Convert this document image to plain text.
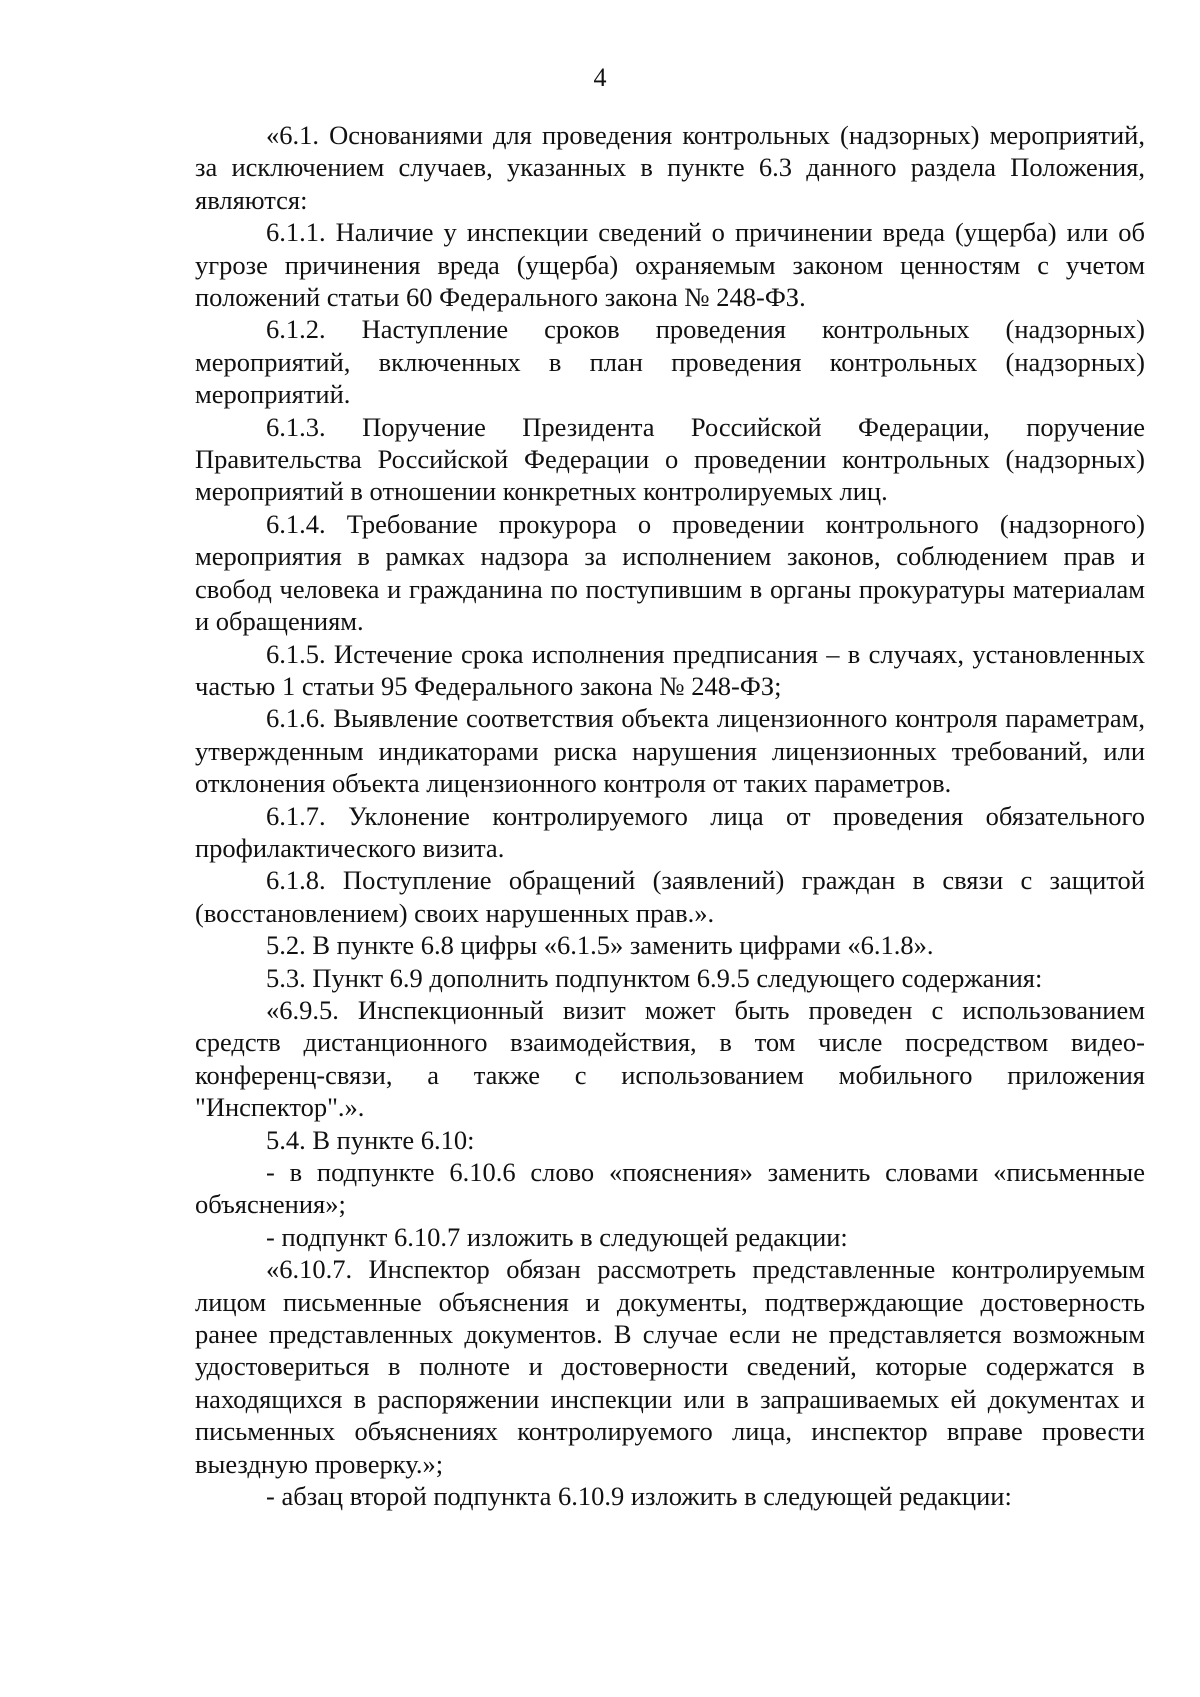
4

«6.1. Основаниями для проведения контрольных (надзорных) мероприятий, за исключением случаев, указанных в пункте 6.3 данного раздела Положения, являются:

6.1.1. Наличие у инспекции сведений о причинении вреда (ущерба) или об угрозе причинения вреда (ущерба) охраняемым законом ценностям с учетом положений статьи 60 Федерального закона № 248-ФЗ.

6.1.2. Наступление сроков проведения контрольных (надзорных) мероприятий, включенных в план проведения контрольных (надзорных) мероприятий.

6.1.3. Поручение Президента Российской Федерации, поручение Правительства Российской Федерации о проведении контрольных (надзорных) мероприятий в отношении конкретных контролируемых лиц.

6.1.4. Требование прокурора о проведении контрольного (надзорного) мероприятия в рамках надзора за исполнением законов, соблюдением прав и свобод человека и гражданина по поступившим в органы прокуратуры материалам и обращениям.

6.1.5. Истечение срока исполнения предписания – в случаях, установленных частью 1 статьи 95 Федерального закона № 248-ФЗ;

6.1.6. Выявление соответствия объекта лицензионного контроля параметрам, утвержденным индикаторами риска нарушения лицензионных требований, или отклонения объекта лицензионного контроля от таких параметров.

6.1.7. Уклонение контролируемого лица от проведения обязательного профилактического визита.

6.1.8. Поступление обращений (заявлений) граждан в связи с защитой (восстановлением) своих нарушенных прав.».

5.2. В пункте 6.8 цифры «6.1.5» заменить цифрами «6.1.8».

5.3. Пункт 6.9 дополнить подпунктом 6.9.5 следующего содержания:

«6.9.5. Инспекционный визит может быть проведен с использованием средств дистанционного взаимодействия, в том числе посредством видео-конференц-связи, а также с использованием мобильного приложения "Инспектор".».

5.4. В пункте 6.10:

- в подпункте 6.10.6 слово «пояснения» заменить словами «письменные объяснения»;

- подпункт 6.10.7 изложить в следующей редакции:

«6.10.7. Инспектор обязан рассмотреть представленные контролируемым лицом письменные объяснения и документы, подтверждающие достоверность ранее представленных документов. В случае если не представляется возможным удостовериться в полноте и достоверности сведений, которые содержатся в находящихся в распоряжении инспекции или в запрашиваемых ей документах и письменных объяснениях контролируемого лица, инспектор вправе провести выездную проверку.»;

- абзац второй подпункта 6.10.9 изложить в следующей редакции:
